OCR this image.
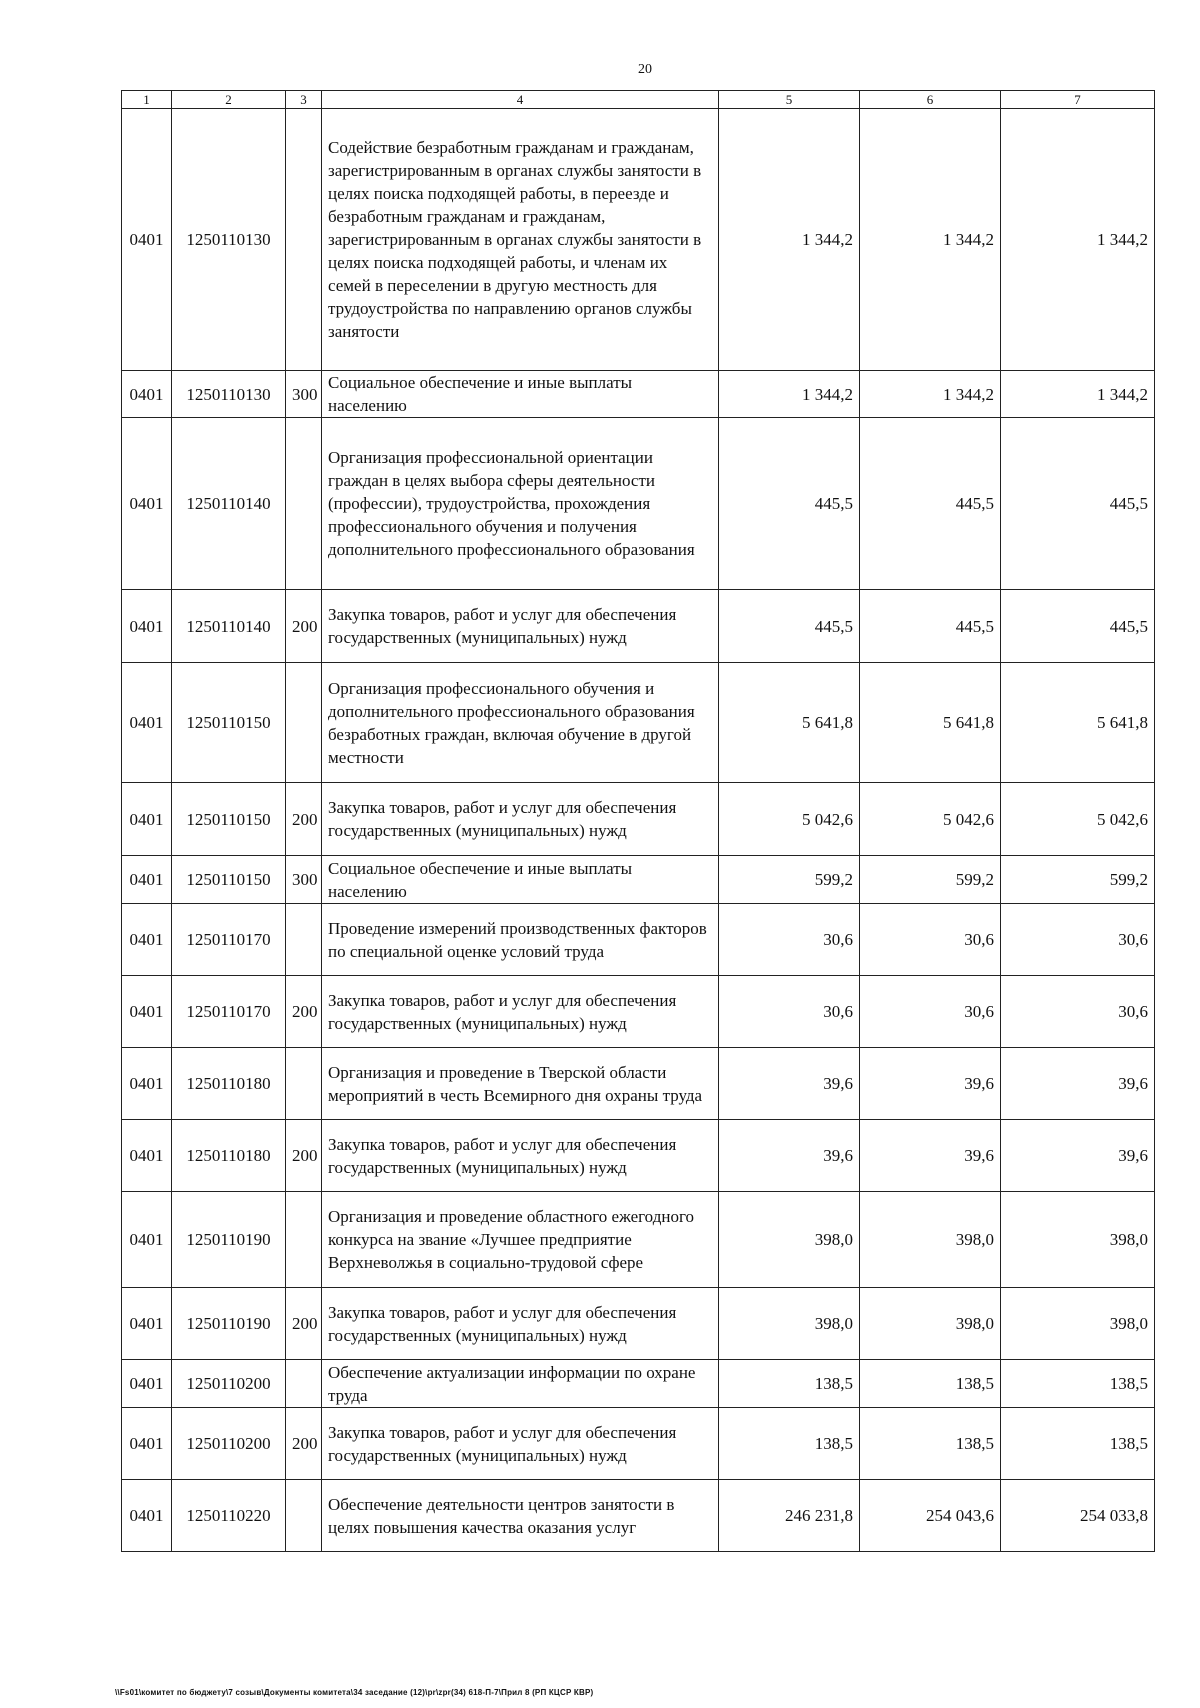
20
1	2	3	4	5	6	7
0401	1250110130		Содействие безработным гражданам и гражданам, зарегистрированным в органах службы занятости в целях поиска подходящей работы, в переезде и безработным гражданам и гражданам, зарегистрированным в органах службы занятости в целях поиска подходящей работы, и членам их семей в переселении в другую местность для трудоустройства по направлению органов службы занятости	1 344,2	1 344,2	1 344,2
0401	1250110130	300	Социальное обеспечение и иные выплаты населению	1 344,2	1 344,2	1 344,2
0401	1250110140		Организация профессиональной ориентации граждан в целях выбора сферы деятельности (профессии), трудоустройства, прохождения профессионального обучения и получения дополнительного профессионального образования	445,5	445,5	445,5
0401	1250110140	200	Закупка товаров, работ и услуг для обеспечения государственных (муниципальных) нужд	445,5	445,5	445,5
0401	1250110150		Организация профессионального обучения и дополнительного профессионального образования безработных граждан, включая обучение в другой местности	5 641,8	5 641,8	5 641,8
0401	1250110150	200	Закупка товаров, работ и услуг для обеспечения государственных (муниципальных) нужд	5 042,6	5 042,6	5 042,6
0401	1250110150	300	Социальное обеспечение и иные выплаты населению	599,2	599,2	599,2
0401	1250110170		Проведение измерений производственных факторов по специальной оценке условий труда	30,6	30,6	30,6
0401	1250110170	200	Закупка товаров, работ и услуг для обеспечения государственных (муниципальных) нужд	30,6	30,6	30,6
0401	1250110180		Организация и проведение в Тверской области мероприятий в честь Всемирного дня охраны труда	39,6	39,6	39,6
0401	1250110180	200	Закупка товаров, работ и услуг для обеспечения государственных (муниципальных) нужд	39,6	39,6	39,6
0401	1250110190		Организация и проведение областного ежегодного конкурса на звание «Лучшее предприятие Верхневолжья в социально-трудовой сфере	398,0	398,0	398,0
0401	1250110190	200	Закупка товаров, работ и услуг для обеспечения государственных (муниципальных) нужд	398,0	398,0	398,0
0401	1250110200		Обеспечение актуализации информации по охране труда	138,5	138,5	138,5
0401	1250110200	200	Закупка товаров, работ и услуг для обеспечения государственных (муниципальных) нужд	138,5	138,5	138,5
0401	1250110220		Обеспечение деятельности центров занятости в целях повышения качества оказания услуг	246 231,8	254 043,6	254 033,8
\\Fs01\комитет по бюджету\7 созыв\Документы комитета\34 заседание (12)\pr\zpr(34) 618-П-7\Прил 8 (РП КЦСР КВР)
